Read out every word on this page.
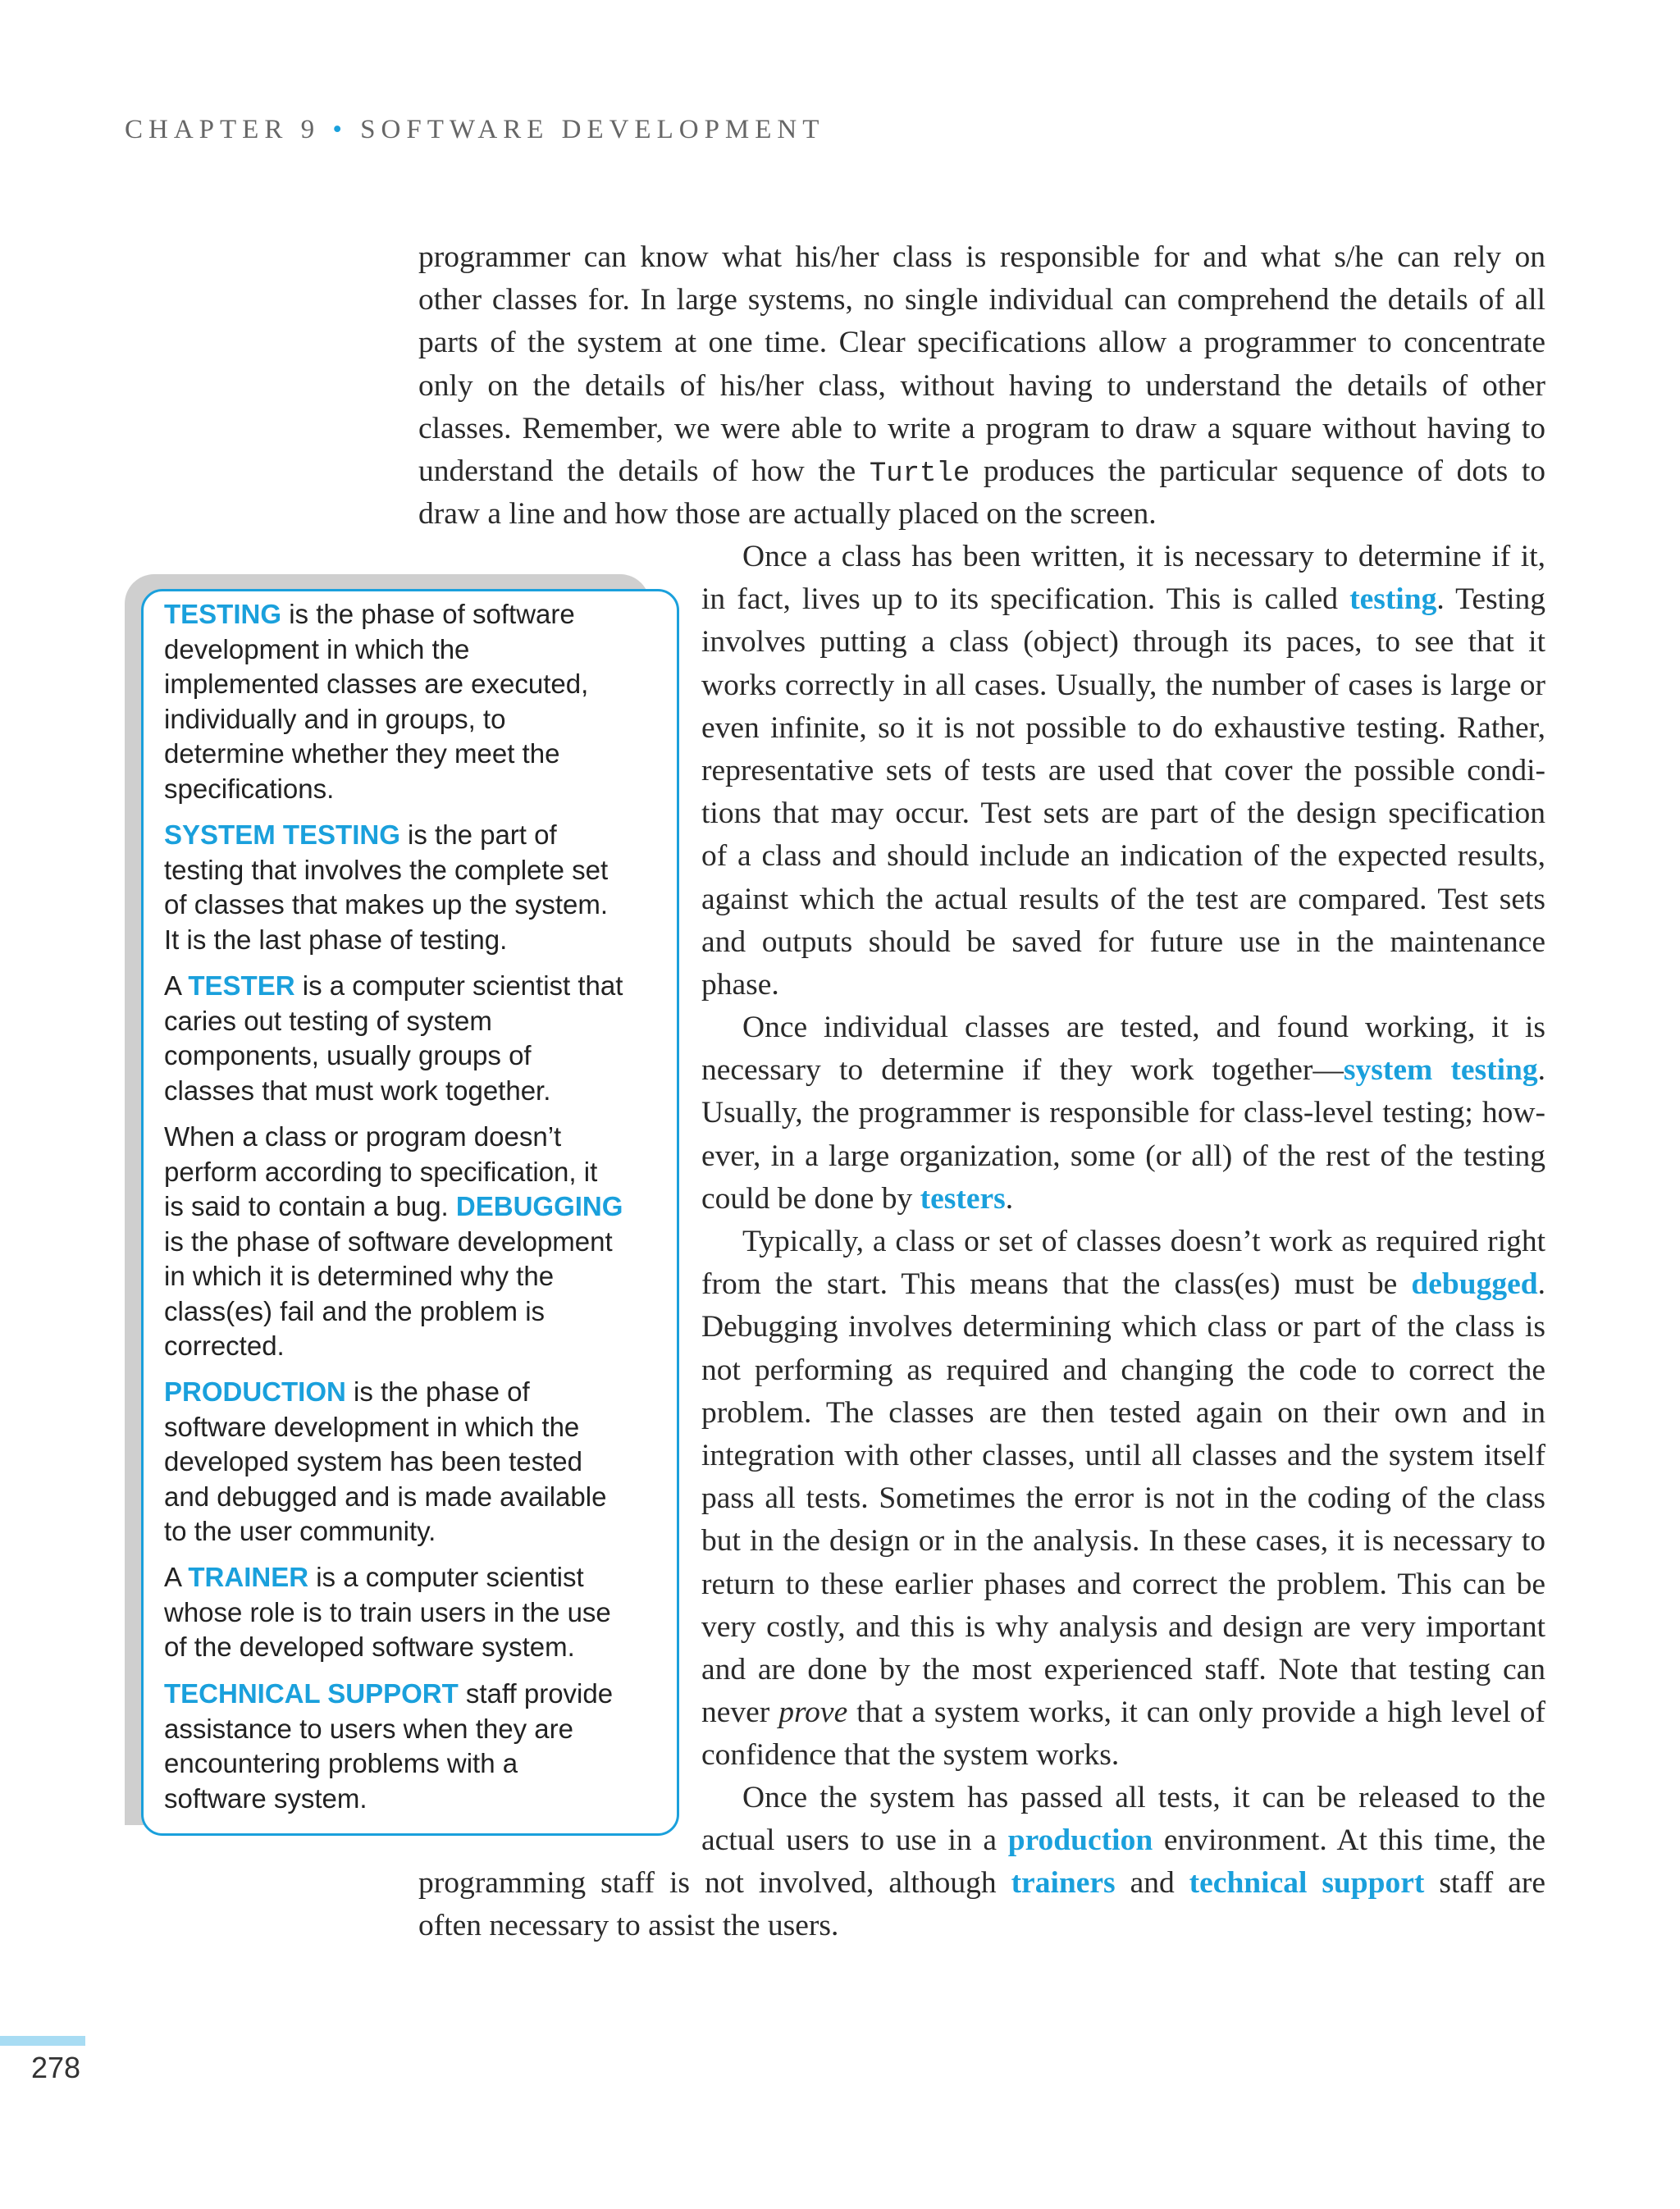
CHAPTER 9 • SOFTWARE DEVELOPMENT
programmer can know what his/her class is responsible for and what s/he can rely on
other classes for. In large systems, no single individual can comprehend the details of all
parts of the system at one time. Clear specifications allow a programmer to concentrate
only on the details of his/her class, without having to understand the details of other
classes. Remember, we were able to write a program to draw a square without having to
understand the details of how the Turtle produces the particular sequence of dots to
draw a line and how those are actually placed on the screen.
Once a class has been written, it is necessary to determine if it,
in fact, lives up to its specification. This is called testing. Testing
involves putting a class (object) through its paces, to see that it
works correctly in all cases. Usually, the number of cases is large or
even infinite, so it is not possible to do exhaustive testing. Rather,
representative sets of tests are used that cover the possible condi-
tions that may occur. Test sets are part of the design specification
of a class and should include an indication of the expected results,
against which the actual results of the test are compared. Test sets
and outputs should be saved for future use in the maintenance
phase.
Once individual classes are tested, and found working, it is
necessary to determine if they work together—system testing.
Usually, the programmer is responsible for class-level testing; how-
ever, in a large organization, some (or all) of the rest of the testing
could be done by testers.
Typically, a class or set of classes doesn’t work as required right
from the start. This means that the class(es) must be debugged.
Debugging involves determining which class or part of the class is
not performing as required and changing the code to correct the
problem. The classes are then tested again on their own and in
integration with other classes, until all classes and the system itself
pass all tests. Sometimes the error is not in the coding of the class
but in the design or in the analysis. In these cases, it is necessary to
return to these earlier phases and correct the problem. This can be
very costly, and this is why analysis and design are very important
and are done by the most experienced staff. Note that testing can
never prove that a system works, it can only provide a high level of
confidence that the system works.
Once the system has passed all tests, it can be released to the
actual users to use in a production environment. At this time, the
programming staff is not involved, although trainers and technical support staff are
often necessary to assist the users.
TESTING is the phase of software
development in which the
implemented classes are executed,
individually and in groups, to
determine whether they meet the
specifications.
SYSTEM TESTING is the part of
testing that involves the complete set
of classes that makes up the system.
It is the last phase of testing.
A TESTER is a computer scientist that
caries out testing of system
components, usually groups of
classes that must work together.
When a class or program doesn’t
perform according to specification, it
is said to contain a bug. DEBUGGING
is the phase of software development
in which it is determined why the
class(es) fail and the problem is
corrected.
PRODUCTION is the phase of
software development in which the
developed system has been tested
and debugged and is made available
to the user community.
A TRAINER is a computer scientist
whose role is to train users in the use
of the developed software system.
TECHNICAL SUPPORT staff provide
assistance to users when they are
encountering problems with a
software system.
278
